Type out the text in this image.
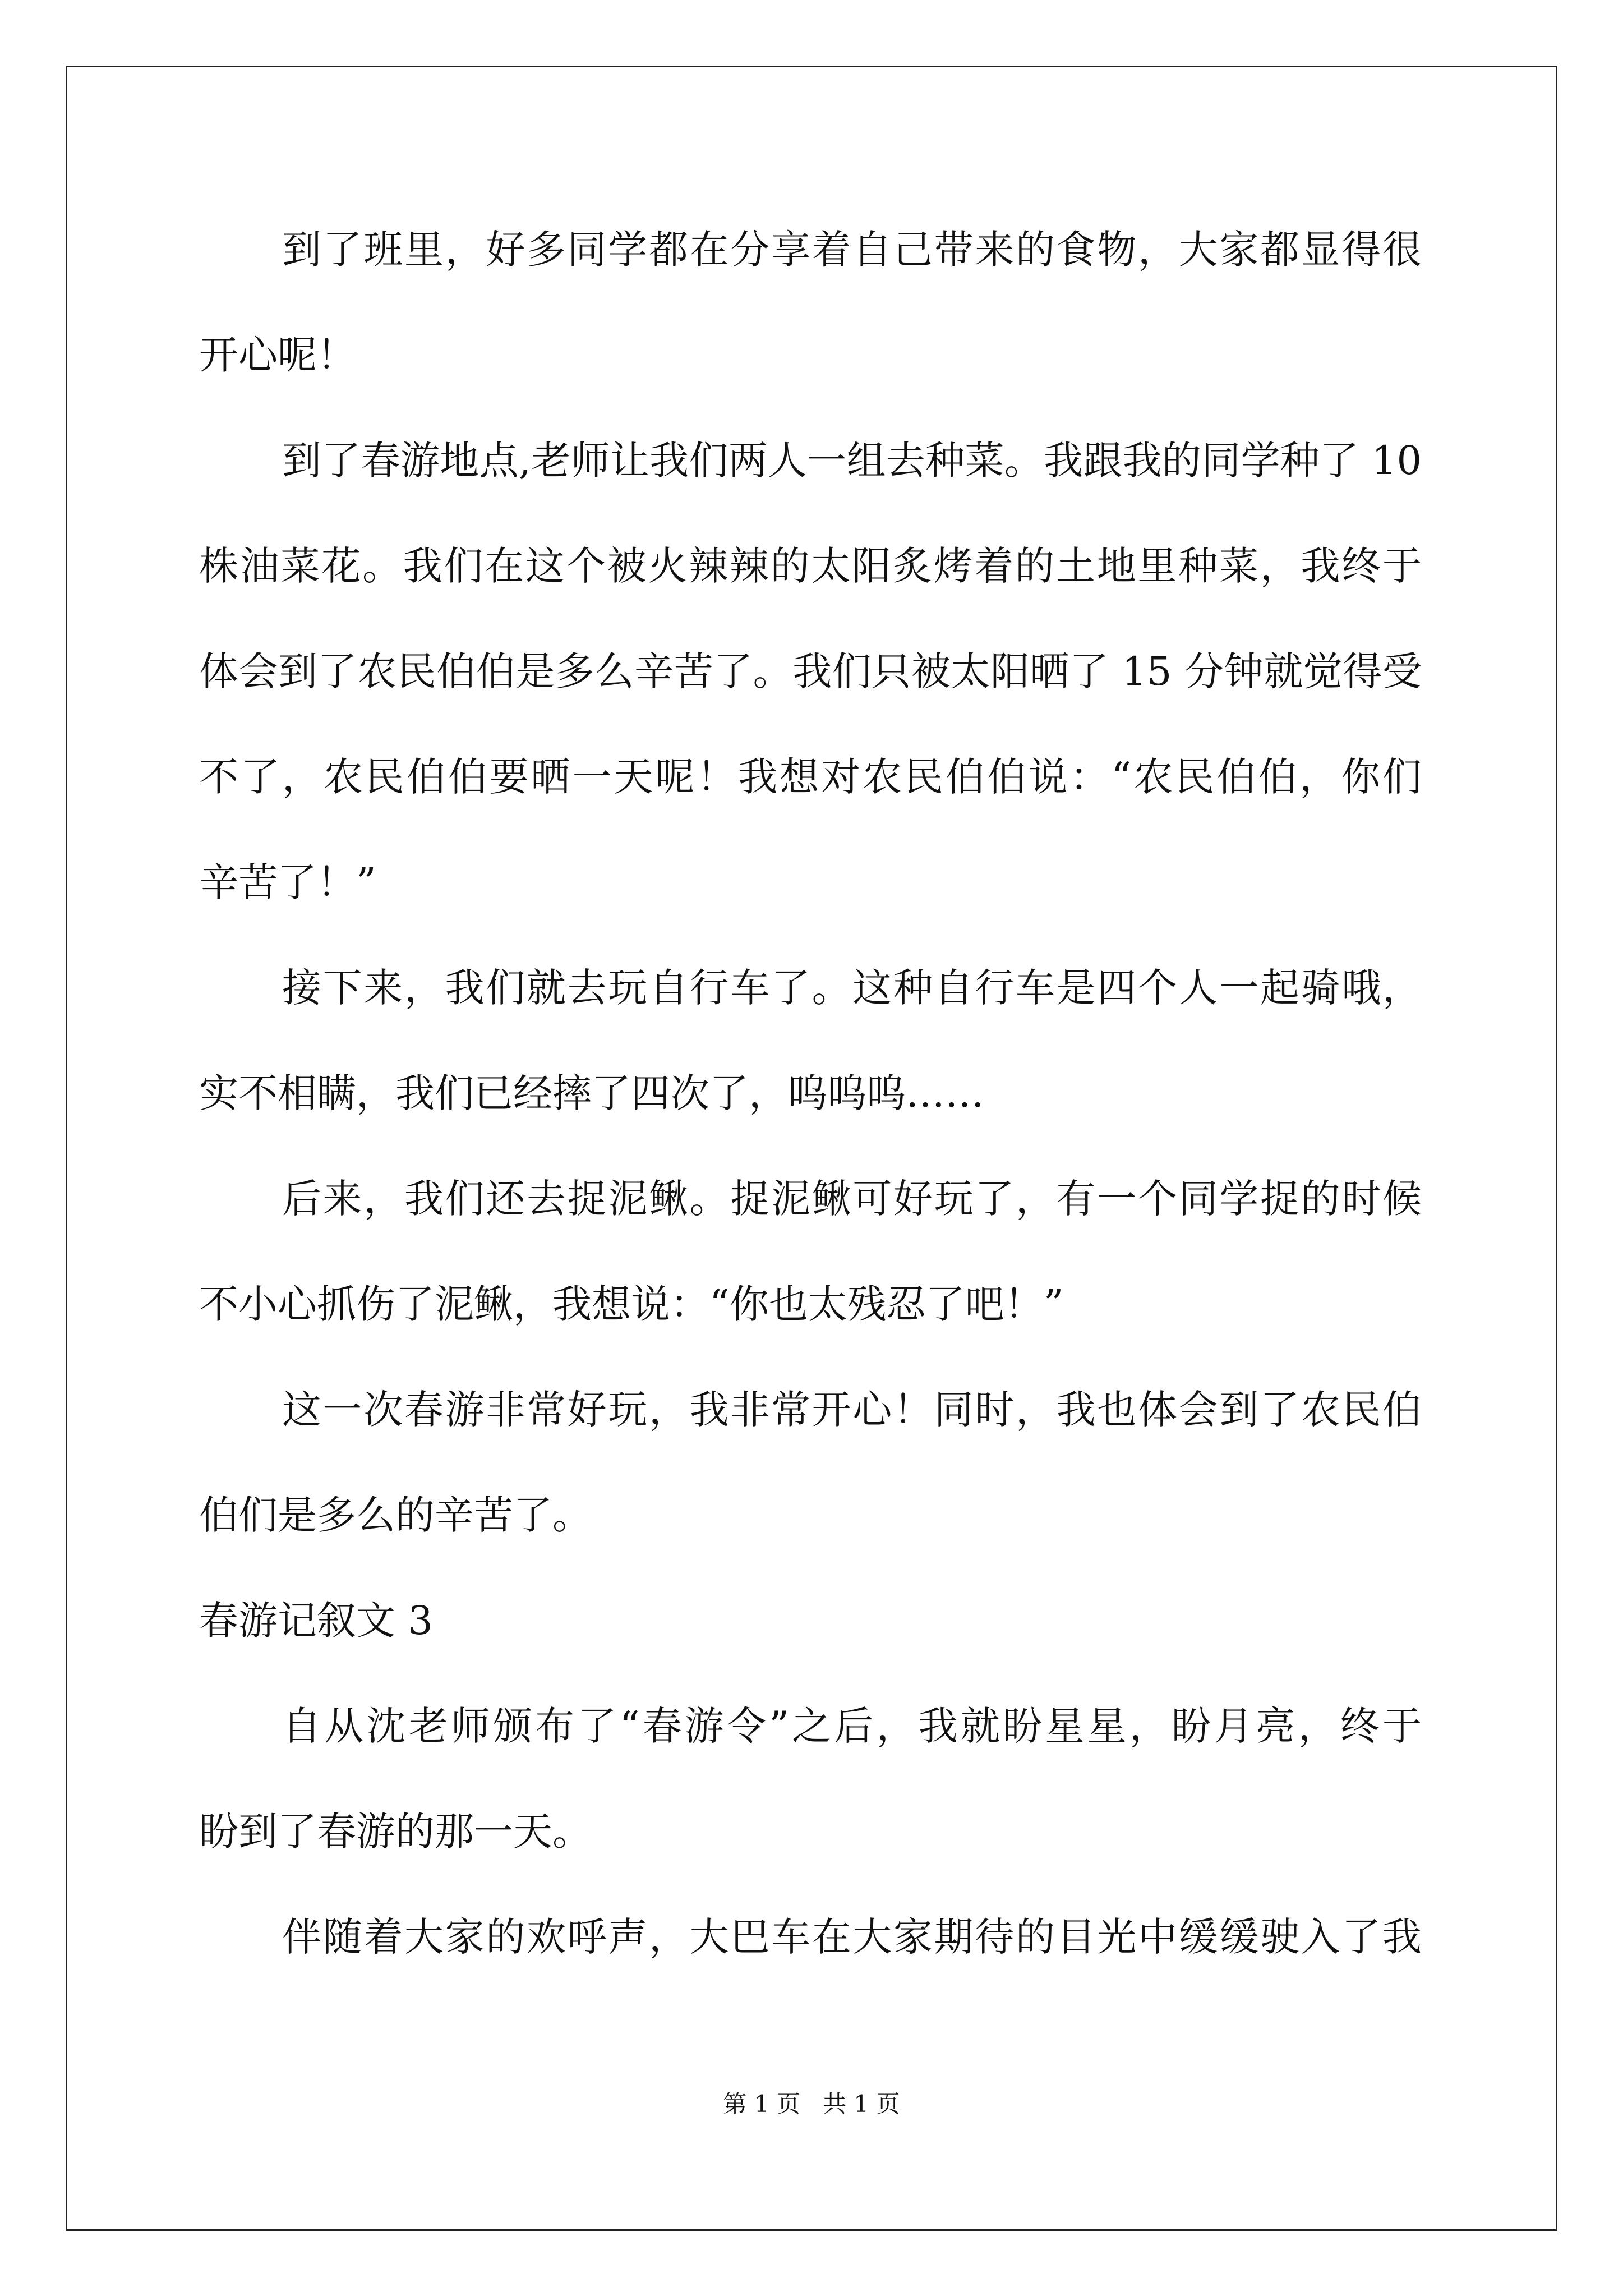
到了班里，好多同学都在分享着自己带来的食物，大家都显得很
开心呢！
到了春游地点,老师让我们两人一组去种菜。我跟我的同学种了 10
株油菜花。我们在这个被火辣辣的太阳炙烤着的土地里种菜，我终于
体会到了农民伯伯是多么辛苦了。我们只被太阳晒了 15 分钟就觉得受
不了，农民伯伯要晒一天呢！我想对农民伯伯说：“农民伯伯，你们
辛苦了！”
接下来，我们就去玩自行车了。这种自行车是四个人一起骑哦，
实不相瞒，我们已经摔了四次了，呜呜呜……
后来，我们还去捉泥鳅。捉泥鳅可好玩了，有一个同学捉的时候
不小心抓伤了泥鳅，我想说：“你也太残忍了吧！”
这一次春游非常好玩，我非常开心！同时，我也体会到了农民伯
伯们是多么的辛苦了。
春游记叙文 3
自从沈老师颁布了“春游令”之后，我就盼星星，盼月亮，终于
盼到了春游的那一天。
伴随着大家的欢呼声，大巴车在大家期待的目光中缓缓驶入了我
第 1 页   共 1 页
